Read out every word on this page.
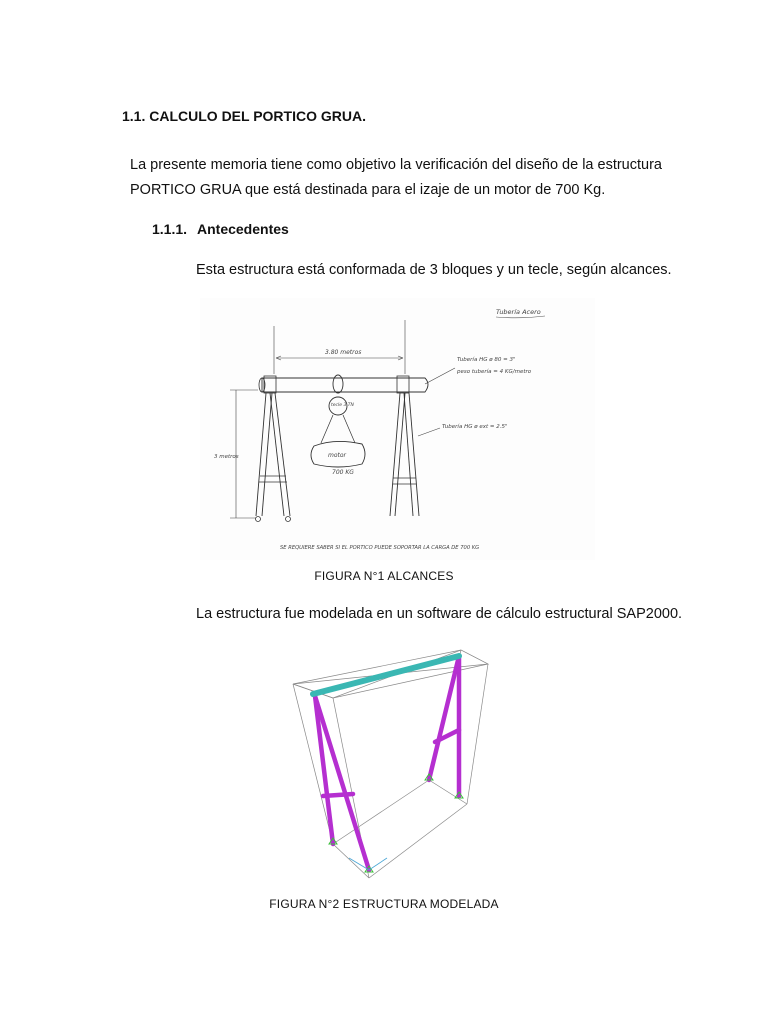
1.1. CALCULO DEL PORTICO GRUA.
La presente memoria tiene como objetivo la verificación del diseño de la estructura PORTICO GRUA que está destinada para el izaje de un motor de 700 Kg.
1.1.1. Antecedentes
Esta estructura está conformada de 3 bloques y un tecle, según alcances.
Tubería Acero
3.80 metros
3 metros
tecle 3 TN
motor
700 KG
Tubería HG ø 80 = 3"
peso tubería = 4 KG/metro
Tubería HG ø ext = 2.5"
SE REQUIERE SABER SI EL PORTICO PUEDE SOPORTAR LA CARGA DE 700 KG
FIGURA N°1 ALCANCES
La estructura fue modelada en un software de cálculo estructural SAP2000.
FIGURA N°2 ESTRUCTURA MODELADA
